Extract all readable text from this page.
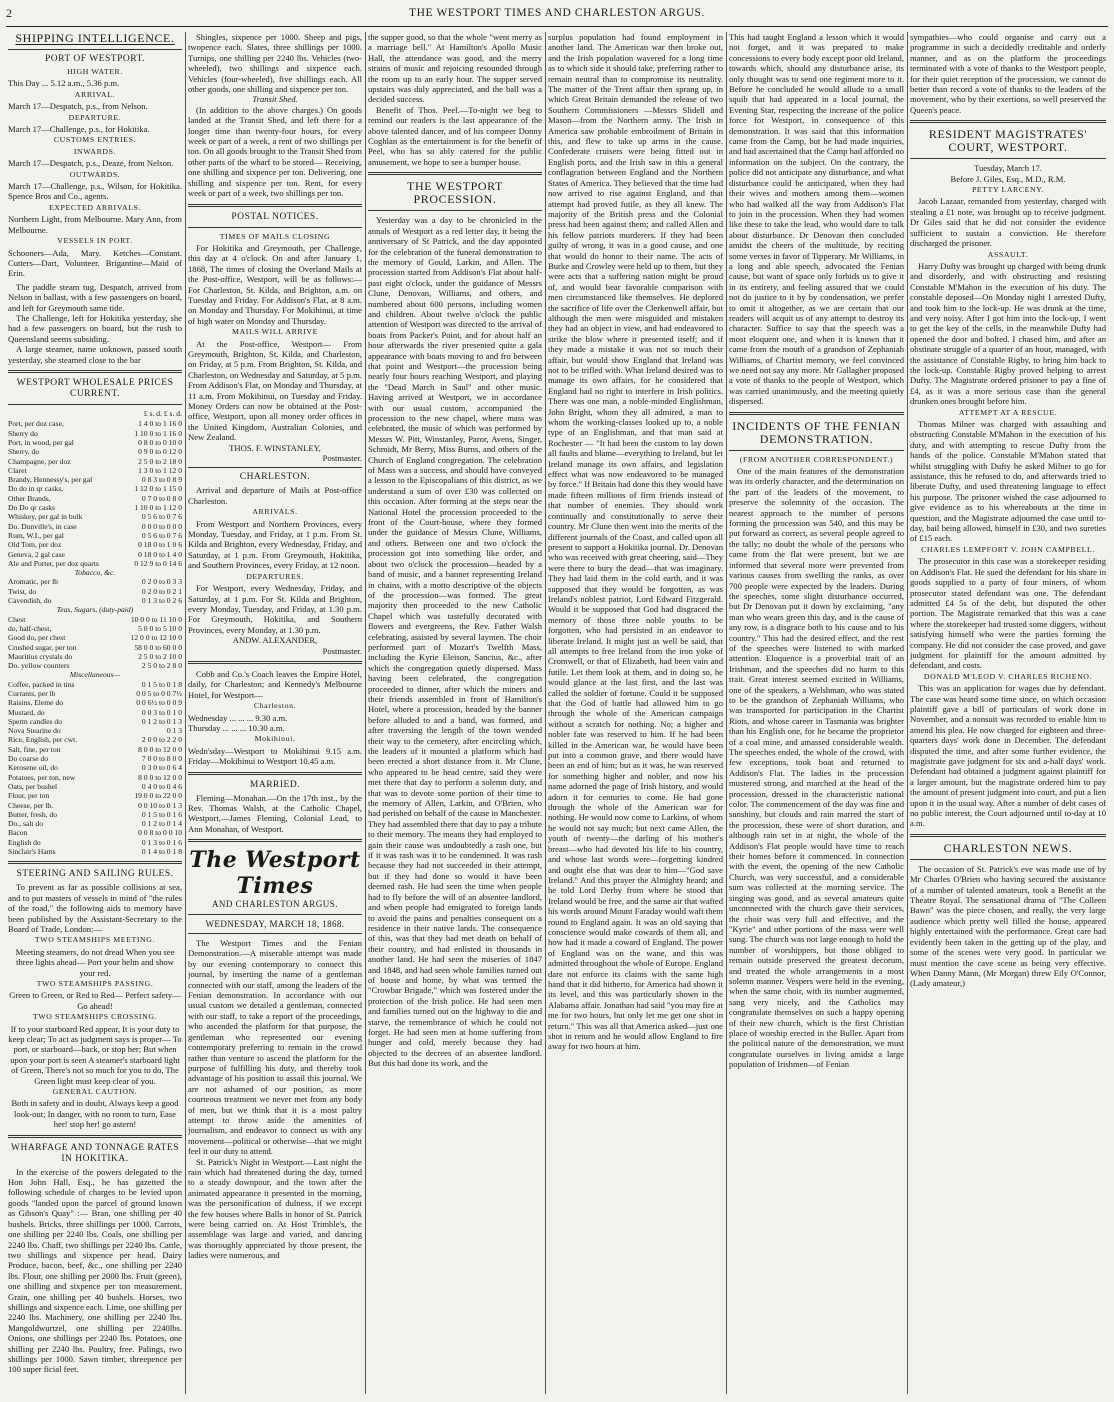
2	THE WESTPORT TIMES AND CHARLESTON ARGUS.
SHIPPING INTELLIGENCE.
PORT OF WESTPORT.
HIGH WATER.

This Day ... 5.12 a.m., 5.36 p.m.

ARRIVAL.

March 17—Despatch, p.s., from Nelson.

DEPARTURE.

March 17—Challenge, p.s., for Hokitika.

CUSTOMS ENTRIES.
INWARDS.

March 17—Despatch, p.s., Deaze, from Nelson.

OUTWARDS.

March 17—Challenge, p.s., Wilson, for Hokitika. Spence Bros and Co., agents.

EXPECTED ARRIVALS.

Northern Light, from Melbourne. Mary Ann, from Melbourne.

VESSELS IN PORT.

Schooners—Ada, Mary. Ketches—Constant. Cutters—Dart, Volunteer. Brigantine—Maid of Erin.

The paddle steam tug, Despatch, arrived from Nelson in ballast, with a few passengers on board, and left for Greymouth same tide.

The Challenge, left for Hokitika yesterday, she had a few passengers on board, but the rush to Queensland seems subsiding.

A large steamer, name unknown, passed south yesterday, she steamed close to the bar

WESTPORT WHOLESALE PRICES CURRENT.
£ s. d. £ s. d.
Port, per doz case,	1 4 0 to 1 16 0
Sherry do	1 10 0 to 1 16 0
Port, in wood, per gal	0 8 0 to 0 10 0
Sherry, do	0 9 0 to 0 12 0
Champagne, per doz	2 5 0 to 2 18 0
Claret	1 3 0 to 1 12 0
Brandy, Hennessy's, per gal	0 8 3 to 0 8 9
Do do in qr casks,	1 12 0 to 1 15 0
Other Brands,	0 7 0 to 0 8 0
Do Do qr casks	1 10 0 to 1 12 0
Whiskey, per gal in bulk	0 5 6 to 0 7 6
Do. Dunville's, in case	0 0 0 to 0 0 0
Rum, W.I., per gal	0 5 6 to 0 7 6
Old Tom, per doz	0 18 0 to 1 0 6
Geneva, 2 gal case	0 18 0 to 1 4 0
Ale and Porter, per doz quarts	0 12 9 to 0 14 6
Tobacco, &c.	
Aromatic, per lb	0 2 0 to 0 3 3
Twist, do	0 2 0 to 0 2 1
Cavendish, do	0 1 3 to 0 2 6
Teas, Sugars, (duty-paid)	
Chest	10 0 0 to 11 10 0
do, half-chest,	5 0 0 to 5 10 0
Good do, per chest	12 0 0 to 12 10 0
Crushed sugar, per ton	58 0 0 to 60 0 0
Mauritius crystals do	2 5 0 to 2 10 0
Do. yellow counters	2 5 0 to 2 8 0
Miscellaneous—	
Coffee, packed in tins	0 1 5 to 0 1 8
Currants, per lb	0 0 5 to 0 0 7½
Raisins, Eleme do	0 0 6½ to 0 0 9
Mustard, do	0 0 3 to 0 1 0
Sperm candles do	0 1 2 to 0 1 3
Nova Stearine do	0 1 3
Rice, English, per cwt.	2 0 0 to 2 2 0
Salt, fine, per ton	8 0 0 to 12 0 0
Do coarse do	7 0 0 to 8 0 0
Kerosene oil, do	0 3 0 to 0 6 4
Potatoes, per ton, new	8 0 0 to 12 0 0
Oats, per bushel	0 4 0 to 0 4 6
Flour, per ton	19 0 0 to 22 0 0
Cheese, per lb.	0 0 10 to 0 1 3
Butter, fresh, do	0 1 5 to 0 1 6
Do., salt do	0 1 2 to 0 1 4
Bacon	0 0 8 to 0 0 10
English do	0 1 3 to 0 1 6
Sinclair's Hams	0 1 4 to 0 1 8
STEERING AND SAILING RULES.

To prevent as far as possible collisions at sea, and to put masters of vessels in mind of "the rules of the road," the following aids to memory have been published by the Assistant-Secretary to the Board of Trade, London:—

TWO STEAMSHIPS MEETING.

Meeting steamers, do not dread When you see three lights ahead— Port your helm and show your red.

TWO STEAMSHIPS PASSING.

Green to Green, or Red to Red— Perfect safety—Go ahead!

TWO STEAMSHIPS CROSSING.

If to your starboard Red appear, It is your duty to keep clear; To act as judgment says is proper— To port, or starboard—back, or stop her; But when upon your port is seen A steamer's starboard light of Green, There's not so much for you to do, The Green light must keep clear of you.

GENERAL CAUTION.

Both in safety and in doubt, Always keep a good look-out; In danger, with no room to turn, Ease her! stop her! go astern!

WHARFAGE AND TONNAGE RATES IN HOKITIKA.

In the exercise of the powers delegated to the Hon John Hall, Esq., he has gazetted the following schedule of charges to be levied upon goods "landed upon the parcel of ground known as Gibson's Quay" :— Bran, one shilling per 40 bushels. Bricks, three shillings per 1000. Carrots, one shilling per 2240 lbs. Coals, one shilling per 2240 lbs. Chaff, two shillings per 2240 lbs. Cattle, two shillings and sixpence per head. Dairy Produce, bacon, beef, &c., one shilling per 2240 lbs. Flour, one shilling per 2000 lbs. Fruit (green), one shilling and sixpence per ton measurement. Grain, one shilling per 40 bushels. Horses, two shillings and sixpence each. Lime, one shilling per 2240 lbs. Machinery, one shilling per 2240 lbs. Mangoldwurtzel, one shilling per 2240lbs. Onions, one shillings per 2240 lbs. Potatoes, one shilling per 2240 lbs. Poultry, free. Palings, two shillings per 1000. Sawn timber, threepence per 100 super ficial feet.

Shingles, sixpence per 1000. Sheep and pigs, twopence each. Slates, three shillings per 1000. Turnips, one shilling per 2240 lbs. Vehicles (two-wheeled), two shillings and sixpence each. Vehicles (four-wheeled), five shillings each. All other goods, one shilling and sixpence per ton.

Transit Shed.

(In addition to the above charges.) On goods landed at the Transit Shed, and left there for a longer time than twenty-four hours, for every week or part of a week, a rent of two shillings per ton. On all goods brought to the Transit Shed from other parts of the wharf to be stored— Receiving, one shilling and sixpence per ton. Delivering, one shilling and sixpence per ton. Rent, for every week or part of a week, two shillings per ton.

POSTAL NOTICES.
TIMES OF MAILS CLOSING

For Hokitika and Greymouth, per Challenge, this day at 4 o'clock. On and after January 1, 1868, The times of closing the Overland Mails at the Post-office, Westport, will be as follows:— For Charleston, St. Kilda, and Brighton, a.m. on Tuesday and Friday. For Addison's Flat, at 8 a.m. on Monday and Thursday. For Mokihinui, at time of high water on Monday and Thursday.

MAILS WILL ARRIVE

At the Post-office, Westport— From Greymouth, Brighton, St. Kilda, and Charleston, on Friday, at 5 p.m. From Brighton, St. Kilda, and Charleston, on Wednesday and Saturday, at 5 p.m. From Addison's Flat, on Monday and Thursday, at 11 a.m. From Mokihinui, on Tuesday and Friday. Money Orders can now be obtained at the Post-office, Westport, upon all money order offices in the United Kingdom, Australian Colonies, and New Zealand.

THOS. F. WINSTANLEY,

Postmaster.

CHARLESTON.

Arrival and departure of Mails at Post-office Charleston.

ARRIVALS.

From Westport and Northern Provinces, every Monday, Tuesday, and Friday, at 1 p.m. From St. Kilda and Brighton, every Wednesday, Friday, and Saturday, at 1 p.m. From Greymouth, Hokitika, and Southern Provinces, every Friday, at 12 noon.

DEPARTURES.

For Westport, every Wednesday, Friday, and Saturday, at 1 p.m. For St. Kilda and Brighton, every Monday, Tuesday, and Friday, at 1.30 p.m. For Greymouth, Hokitika, and Southern Provinces, every Monday, at 1.30 p.m.

ANDW. ALEXANDER,

Postmaster.

Cobb and Co.'s Coach leaves the Empire Hotel, daily, for Charleston; and Kennedy's Melbourne Hotel, for Westport—

Charleston.

Wednesday ... ... ... 9.30 a.m.

Thursday ... ... ... 10.30 a.m.

Mokihinui.

Wedn'sday—Westport to Mokihinui 9.15 a.m. Friday—Mokihinui to Westport 10.45 a.m.

MARRIED.

Fleming—Monahan.—On the 17th inst., by the Rev. Thomas Walsh, at the Catholic Chapel, Westport,—James Fleming, Colonial Lead, to Ann Monahan, of Westport.

The Westport Times
AND CHARLESTON ARGUS.
WEDNESDAY, MARCH 18, 1868.

The Westport Times and the Fenian Demonstration.—A miserable attempt was made by our evening contemporary to connect this journal, by inserting the name of a gentleman connected with our staff, among the leaders of the Fenian demonstration. In accordance with our usual custom we detailed a gentleman, connected with our staff, to take a report of the proceedings, who ascended the platform for that purpose, the gentleman who represented our evening contemporary preferring to remain in the crowd rather than venture to ascend the platform for the purpose of fulfilling his duty, and thereby took advantage of his position to assail this journal. We are not ashamed of our position, as more courteous treatment we never met from any body of men, but we think that it is a most paltry attempt to throw aside the amenities of journalism, and endeavor to connect us with any movement—political or otherwise—that we might feel it our duty to attend.

St. Patrick's Night in Westport.—Last night the rain which had threatened during the day, turned to a steady downpour, and the town after the animated appearance it presented in the morning, was the personification of dulness, if we except the few houses where Balls in honor of St. Patrick were being carried on. At Host Trimble's, the assemblage was large and varied, and dancing was thoroughly appreciated by those present, the ladies were numerous, and

the supper good, so that the whole "went merry as a marriage bell." At Hamilton's Apollo Music Hall, the attendance was good, and the merry strains of music and rejoicing resounded through the room up to an early hour. The supper served upstairs was duly appreciated, and the ball was a decided success.

Benefit of Thos. Peel.—To-night we beg to remind our readers is the last appearance of the above talented dancer, and of his compeer Donny Coghlan as the entertainment is for the benefit of Peel, who has so ably catered for the public amusement, we hope to see a bumper house.

THE WESTPORT PROCESSION.

Yesterday was a day to be chronicled in the annals of Westport as a red letter day, it being the anniversary of St Patrick, and the day appointed for the celebration of the funeral demonstration to the memory of Gould, Larkin, and Allen. The procession started from Addison's Flat about half-past eight o'clock, under the guidance of Messrs Clune, Denovan, Williams, and others, and numbered about 600 persons, including women and children. About twelve o'clock the public attention of Westport was directed to the arrival of boats from Packer's Point, and for about half an hour afterwards the river presented quite a gala appearance with boats moving to and fro between that point and Westport—the procession being nearly four hours reaching Westport, and playing the "Dead March in Saul" and other music. Having arrived at Westport, we in accordance with our usual custom, accompanied the procession to the new chapel, where mass was celebrated, the music of which was performed by Messrs W. Pitt, Winstanley, Paror, Avens, Singer, Schmidt, Mr Berry, Miss Burns, and others of the Church of England congregation. The celebration of Mass was a success, and should have conveyed a lesson to the Episcopalians of this district, as we understand a sum of over £30 was collected on this occasion. After forming at the steps near the National Hotel the procession proceeded to the front of the Court-house, where they formed under the guidance of Messrs Clune, Williams, and others. Between one and two o'clock the procession got into something like order, and about two o'clock the procession—headed by a band of music, and a banner representing Ireland in chains, with a motto descriptive of the objects of the procession—was formed. The great majority then proceeded to the new Catholic Chapel which was tastefully decorated with flowers and evergreens, the Rev. Father Walsh celebrating, assisted by several laymen. The choir performed part of Mozart's Twelfth Mass, including the Kyrie Eleison, Sanctus, &c., after which the congregation quietly dispersed. Mass having been celebrated, the congregation proceeded to dinner, after which the miners and their friends assembled in front of Hamilton's Hotel, where a procession, headed by the banner before alluded to and a band, was formed, and after traversing the length of the town wended their way to the cemetery, after encircling which, the leaders of it mounted a platform which had been erected a short distance from it. Mr Clune, who appeared to be head centre, said they were met there that day to perform a solemn duty, and that was to devote some portion of their time to the memory of Allen, Larkin, and O'Brien, who had perished on behalf of the cause in Manchester. They had assembled there that day to pay a tribute to their memory. The means they had employed to gain their cause was undoubtedly a rash one, but if it was rash was it to be condemned. It was rash because they had not succeeded in their attempt, but if they had done so would it have been deemed rash. He had seen the time when people had to fly before the will of an absentee landlord, and when people had emigrated to foreign lands to avoid the pains and penalties consequent on a residence in their native lands. The consequence of this, was that they had met death on behalf of their country, and had enlisted in thousands in another land. He had seen the miseries of 1847 and 1848, and had seen whole families turned out of house and home, by what was termed the "Crowbar Brigade," which was fostered under the protection of the Irish police. He had seen men and families turned out on the highway to die and starve, the remembrance of which he could not forget. He had seen men at home suffering from hunger and cold, merely because they had objected to the decrees of an absentee landlord. But this had done its work, and the

surplus population had found employment in another land. The American war then broke out, and the Irish population wavered for a long time as to which side it should take, preferring rather to remain neutral than to compromise its neutrality. The matter of the Trent affair then sprang up, in which Great Britain demanded the release of two Southern Commissioners —Messrs Slidell and Mason—from the Northern army. The Irish in America saw probable embroilment of Britain in this, and flew to take up arms in the cause. Confederate cruisers were being fitted out in English ports, and the Irish saw in this a general conflagration between England and the Northern States of America. They believed that the time had now arrived to rise against England, and that attempt had proved futile, as they all knew. The majority of the British press and the Colonial press had been against them; and called Allen and his fellow patriots murderers. If they had been guilty of wrong, it was in a good cause, and one that would do honor to their name. The acts of Burke and Crowley were held up to them, but they were acts that a suffering nation might be proud of, and would bear favorable comparison with men circumstanced like themselves. He deplored the sacrifice of life over the Clerkenwell affair, but although the men were misguided and mistaken they had an object in view, and had endeavored to strike the blow where it presented itself; and if they made a mistake it was not so much their affair, but would show England that Ireland was not to be trifled with. What Ireland desired was to manage its own affairs, for he considered that England had no right to interfere in Irish politics. There was one man, a noble-minded Englishman, John Bright, whom they all admired, a man to whom the working-classes looked up to, a noble type of an Englishman, and that man said at Rochester — "It had been the custom to lay down all faults and blame—everything to Ireland, but let Ireland manage its own affairs, and legislation effect what was now endeavored to be managed by force." If Britain had done this they would have made fifteen millions of firm friends instead of that number of enemies. They should work continually and constitutionally to serve their country. Mr Clune then went into the merits of the different journals of the Coast, and called upon all present to support a Hokitika journal. Dr. Denovan who was received with great cheering, said—They were there to bury the dead—that was imaginary. They had laid them in the cold earth, and it was supposed that they would be forgotten, as was Ireland's noblest patriot, Lord Edward Fitzgerald. Would it be supposed that God had disgraced the memory of those three noble youths to be forgotten, who had persisted in an endeavor to liberate Ireland. It might just as well be said, that all attempts to free Ireland from the iron yoke of Cromwell, or that of Elizabeth, had been vain and futile. Let them look at them, and in doing so, he would glance at the last first, and the last was called the soldier of fortune. Could it be supposed that the God of battle had allowed him to go through the whole of the American campaign without a scratch for nothing. No; a higher and nobler fate was reserved to him. If he had been killed in the American war, he would have been put into a common grave, and there would have been an end of him; but as it was, he was reserved for something higher and nobler, and now his name adorned the page of Irish history, and would adorn it for centuries to come. He had gone through the whole of the American war for nothing. He would now come to Larkins, of whom he would not say much; but next came Allen, the youth of twenty—the darling of his mother's breast—who had devoted his life to his country, and whose last words were—forgetting kindred and ought else that was dear to him—"God save Ireland." And this prayer the Almighty heard; and he told Lord Derby from where he stood that Ireland would be free, and the same air that wafted his words around Mount Faraday would waft them round to England again. It was an old saying that conscience would make cowards of them all, and how had it made a coward of England. The power of England was on the wane, and this was admitted throughout the whole of Europe. England dare not enforce its claims with the same high hand that it did hitherto, for America had shown it its level, and this was particularly shown in the Alabama affair. Jonathan had said "you may fire at me for two hours, but only let me get one shot in return." This was all that America asked—just one shot in return and he would allow England to fire away for two hours at him.

This had taught England a lesson which it would not forget, and it was prepared to make concessions to every body except poor old Ireland, towards which, should any disturbance arise, its only thought was to send one regiment more to it. Before he concluded he would allude to a small squib that had appeared in a local journal, the Evening Star, respecting the increase of the police force for Westport, in consequence of this demonstration. It was said that this information came from the Camp, but he had made inquiries, and had ascertained that the Camp had afforded no information on the subject. On the contrary, the police did not anticipate any disturbance, and what disturbance could be anticipated, when they had their wives and mothers among them—women who had walked all the way from Addison's Flat to join in the procession. When they had women like these to take the lead, who would dare to talk about disturbance. Dr Denovan then concluded amidst the cheers of the multitude, by reciting some verses in favor of Tipperary. Mr Williams, in a long and able speech, advocated the Fenian cause, but want of space only forbids us to give it in its entirety, and feeling assured that we could not do justice to it by by condensation, we prefer to omit it altogether, as we are certain that our readers will acquit us of any attempt to destroy its character. Suffice to say that the speech was a most eloquent one, and when it is known that it came from the mouth of a grandson of Zephaniah Williams, of Chartist memory, we feel convinced we need not say any more. Mr Gallagher proposed a vote of thanks to the people of Westport, which was carried unanimously, and the meeting quietly dispersed.

INCIDENTS OF THE FENIAN DEMONSTRATION.
(FROM ANOTHER CORRESPONDENT.)

One of the main features of the demonstration was its orderly character, and the determination on the part of the leaders of the movement, to preserve the solemnity of the occasion. The nearest approach to the number of persons forming the procession was 540, and this may be put forward as correct, as several people agreed to the tally; no doubt the whole of the persons who came from the flat were present, but we are informed that several more were prevented from various causes from swelling the ranks, as over 700 people were expected by the leaders. During the speeches, some slight disturbance occurred, but Dr Denovan put it down by exclaiming, "any man who wears green this day, and is the cause of any row, is a disgrace both to his cause and to his country." This had the desired effect, and the rest of the speeches were listened to with marked attention. Eloquence is a proverbial trait of an Irishman, and the speeches did no harm to this trait. Great interest seemed excited in Williams, one of the speakers, a Welshman, who was stated to be the grandson of Zephaniah Williams, who was transported for participation in the Chartist Riots, and whose career in Tasmania was brighter than his English one, for he became the proprietor of a coal mine, and amassed considerable wealth. The speeches ended, the whole of the crowd, with few exceptions, took boat and returned to Addison's Flat. The ladies in the procession mustered strong, and marched at the head of the procession, dressed in the characteristic national color. The commencement of the day was fine and sunshiny, but clouds and rain marred the start of the procession, these were of short duration, and although rain set in at night, the whole of the Addison's Flat people would have time to reach their homes before it commenced. In connection with the event, the opening of the new Catholic Church, was very successful, and a considerable sum was collected at the morning service. The singing was good, and as several amateurs quite unconnected with the church gave their services, the choir was very full and effective, and the "Kyrie" and other portions of the mass were well sung. The church was not large enough to hold the number of worshippers, but those obliged to remain outside preserved the greatest decorum, and treated the whole arrangements in a most solemn manner. Vespers were held in the evening, when the same choir, with its number augmented, sang very nicely, and the Catholics may congratulate themselves on such a happy opening of their new church, which is the first Christian place of worship erected in the Buller. Apart from the political nature of the demonstration, we must congratulate ourselves in living amidst a large population of Irishmen—of Fenian

sympathies—who could organise and carry out a programme in such a decidedly creditable and orderly manner, and as on the platform the proceedings terminated with a vote of thanks to the Westport people, for their quiet reception of the procession, we cannot do better than record a vote of thanks to the leaders of the movement, who by their exertions, so well preserved the Queen's peace.

RESIDENT MAGISTRATES' COURT, WESTPORT.

Tuesday, March 17.

Before J. Giles, Esq., M.D., R.M.

PETTY LARCENY.

Jacob Lazaar, remanded from yesterday, charged with stealing a £1 note, was brought up to receive judgment. Dr Giles said that he did not consider the evidence sufficient to sustain a conviction. He therefore discharged the prisoner.

ASSAULT.

Harry Dufty was brought up charged with being drunk and disorderly, and with obstructing and resisting Constable M'Mahon in the execution of his duty. The constable deposed—On Monday night I arrested Dufty, and took him to the lock-up. He was drunk at the time, and very noisy. After I got him into the lock-up, I went to get the key of the cells, in the meanwhile Dufty had opened the door and bolted. I chased him, and after an obstinate struggle of a quarter of an hour, managed, with the assistance of Constable Rigby, to bring him back to the lock-up. Constable Rigby proved helping to arrest Dufty. The Magistrate ordered prisoner to pay a fine of £4, as it was a more serious case than the general drunken ones brought before him.

ATTEMPT AT A RESCUE.

Thomas Milner was charged with assaulting and obstructing Constable M'Mahon in the execution of his duty, and with attempting to rescue Dufty from the hands of the police. Constable M'Mahon stated that whilst struggling with Dufty he asked Milner to go for assistance, this he refused to do, and afterwards tried to liberate Dufty, and used threatening language to effect his purpose. The prisoner wished the case adjourned to give evidence as to his whereabouts at the time in question, and the Magistrate adjourned the case until to-day, bail being allowed, himself in £30, and two sureties of £15 each.

CHARLES LEMPFORT V. JOHN CAMPBELL.

The prosecutor in this case was a storekeeper residing on Addison's Flat. He sued the defendant for his share in goods supplied to a party of four miners, of whom prosecutor stated defendant was one. The defendant admitted £4 5s of the debt, but disputed the other portion. The Magistrate remarked that this was a case where the storekeeper had trusted some diggers, without satisfying himself who were the parties forming the company. He did not consider the case proved, and gave judgment for plaintiff for the amount admitted by defendant, and costs.

DONALD M'LEOD V. CHARLES RICHENO.

This was an application for wages due by defendant. The case was heard some time since, on which occasion plaintiff gave a bill of particulars of work done in November, and a nonsuit was recorded to enable him to amend his plea. He now charged for eighteen and three-quarters days' work done in December. The defendant disputed the time, and after some further evidence, the magistrate gave judgment for six and a-half days' work. Defendant had obtained a judgment against plaintiff for a larger amount, but the magistrate ordered him to pay the amount of present judgment into court, and put a lien upon it in the usual way. After a number of debt cases of no public interest, the Court adjourned until to-day at 10 a.m.

CHARLESTON NEWS.

The occasion of St. Patrick's eve was made use of by Mr Charles O'Brien who having secured the assistance of a number of talented amateurs, took a Benefit at the Theatre Royal. The sensational drama of "The Colleen Bawn" was the piece chosen, and really, the very large audience which pretty well filled the house, appeared highly entertained with the performance. Great care had evidently been taken in the getting up of the play, and some of the scenes were very good. In particular we must mention the cave scene as being very effective. When Danny Mann, (Mr Morgan) threw Eily O'Connor, (Lady amateur,)
